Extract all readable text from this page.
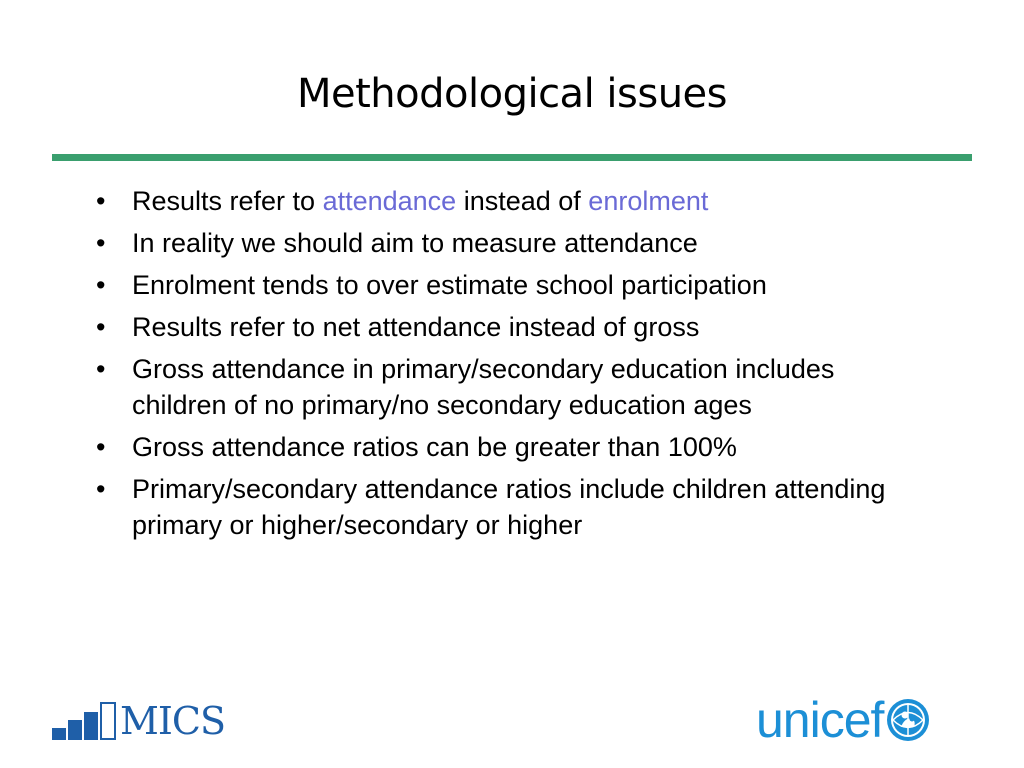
Methodological issues
• Results refer to attendance instead of enrolment
• In reality we should aim to measure attendance
• Enrolment tends to over estimate school participation
• Results refer to net attendance instead of gross
• Gross attendance in primary/secondary education includes children of no primary/no secondary education ages
• Gross attendance ratios can be greater than 100%
• Primary/secondary attendance ratios include children attending primary or higher/secondary or higher
MICS	unicef
